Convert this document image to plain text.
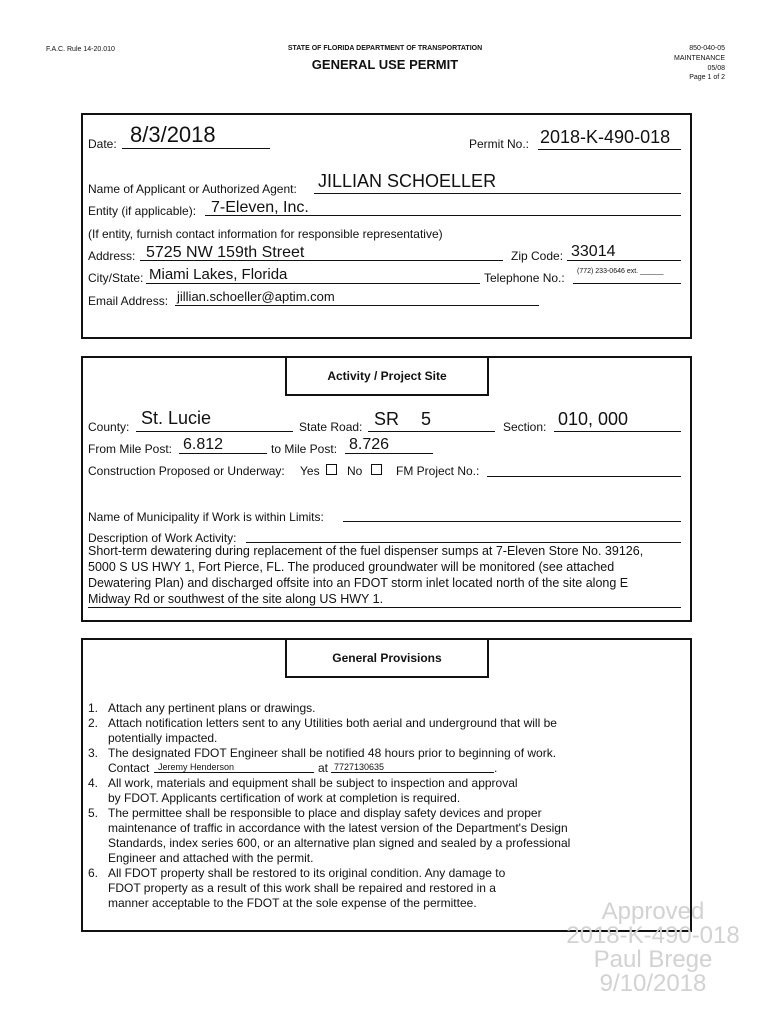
F.A.C. Rule 14-20.010	STATE OF FLORIDA DEPARTMENT OF TRANSPORTATION
GENERAL USE PERMIT
850-040-05
MAINTENANCE
05/08
Page 1 of 2
Date: 8/3/2018	Permit No.: 2018-K-490-018
Name of Applicant or Authorized Agent: JILLIAN SCHOELLER
Entity (if applicable): 7-Eleven, Inc.
(If entity, furnish contact information for responsible representative)
Address: 5725 NW 159th Street	Zip Code: 33014
City/State: Miami Lakes, Florida	Telephone No.: (772) 233-0646 ext. ______
Email Address: jillian.schoeller@aptim.com
Activity / Project Site
County: St. Lucie	State Road: SR 5	Section: 010, 000
From Mile Post: 6.812	to Mile Post: 8.726
Construction Proposed or Underway: Yes No	FM Project No.:
Name of Municipality if Work is within Limits:
Description of Work Activity:
Short-term dewatering during replacement of the fuel dispenser sumps at 7-Eleven Store No. 39126,
5000 S US HWY 1, Fort Pierce, FL. The produced groundwater will be monitored (see attached
Dewatering Plan) and discharged offsite into an FDOT storm inlet located north of the site along E
Midway Rd or southwest of the site along US HWY 1.
General Provisions
1. Attach any pertinent plans or drawings.
2. Attach notification letters sent to any Utilities both aerial and underground that will be
potentially impacted.
3. The designated FDOT Engineer shall be notified 48 hours prior to beginning of work.
Contact Jeremy Henderson	at 7727130635	.
4. All work, materials and equipment shall be subject to inspection and approval
by FDOT. Applicants certification of work at completion is required.
5. The permittee shall be responsible to place and display safety devices and proper
maintenance of traffic in accordance with the latest version of the Department's Design
Standards, index series 600, or an alternative plan signed and sealed by a professional
Engineer and attached with the permit.
6. All FDOT property shall be restored to its original condition. Any damage to
FDOT property as a result of this work shall be repaired and restored in a
manner acceptable to the FDOT at the sole expense of the permittee.	Approved
2018-K-490-018
Paul Brege
9/10/2018
